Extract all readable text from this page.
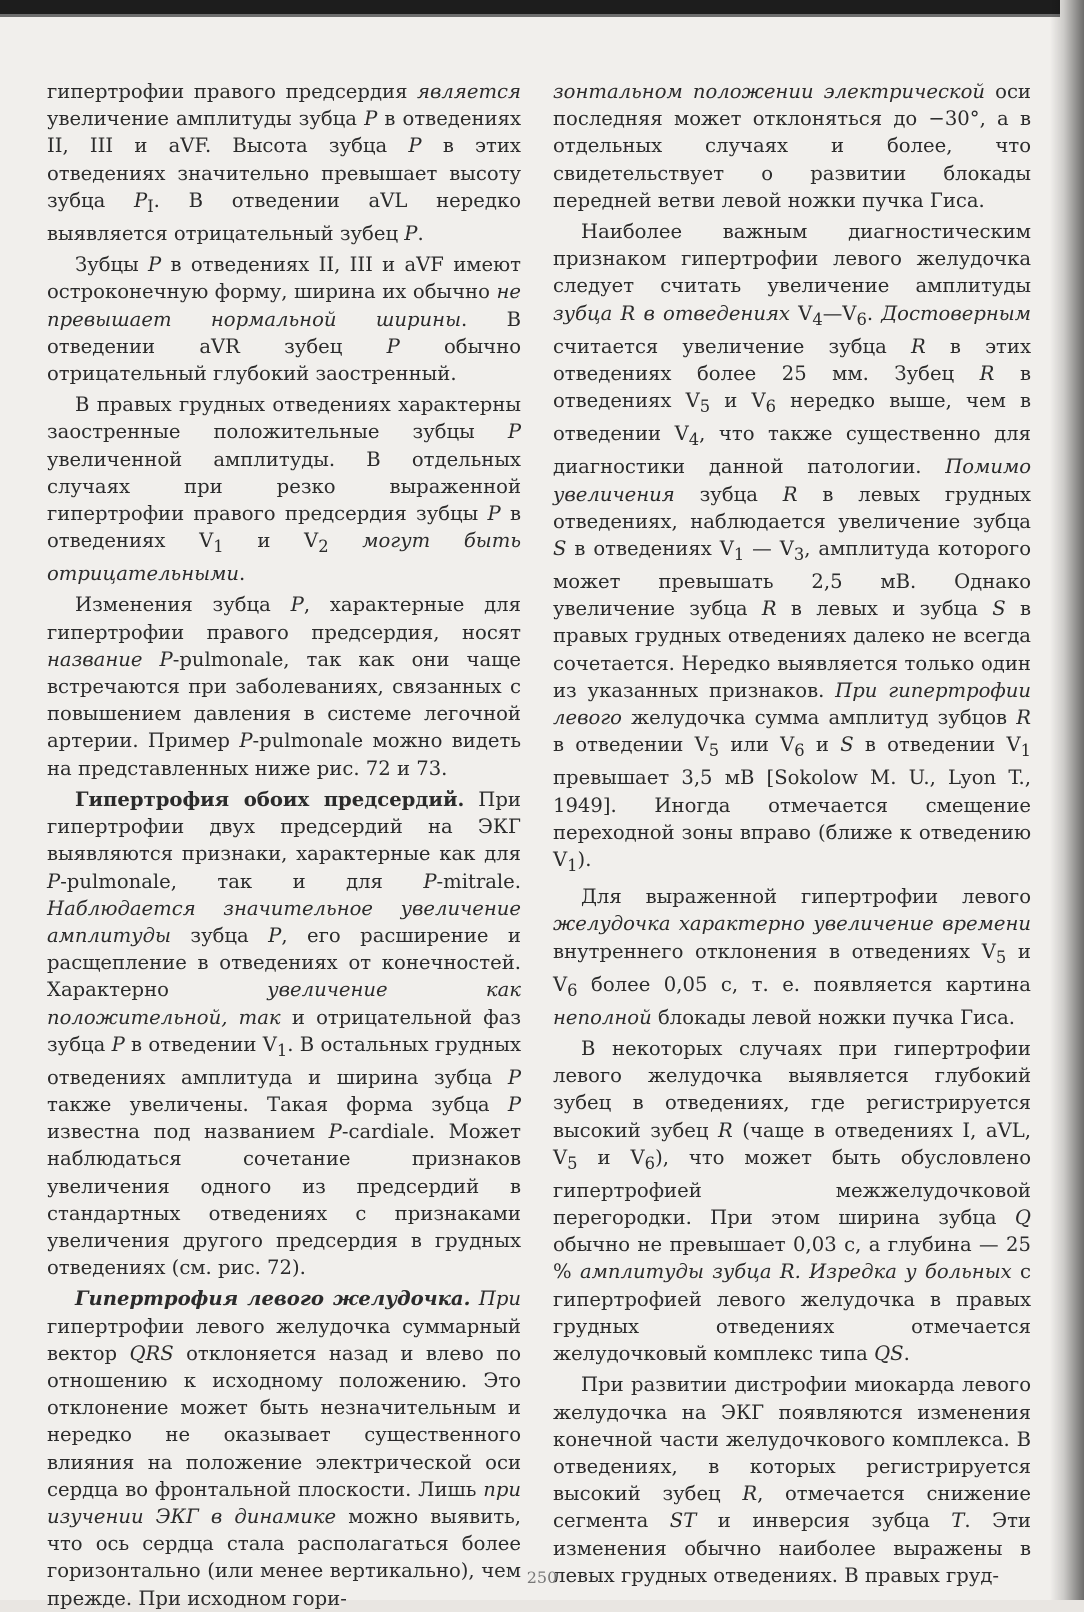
гипертрофии правого предсердия является увеличение амплитуды зубца P в отведениях II, III и aVF. Высота зубца P в этих отведениях значительно превышает высоту зубца $P_I$. В отведении aVL нередко выявляется отрицательный зубец P.

Зубцы P в отведениях II, III и aVF имеют остроконечную форму, ширина их обычно не превышает нормальной ширины. В отведении aVR зубец P обычно отрицательный глубокий заостренный.

В правых грудных отведениях характерны заостренные положительные зубцы P увеличенной амплитуды. В отдельных случаях при резко выраженной гипертрофии правого предсердия зубцы P в отведениях $V_1$ и $V_2$ могут быть отрицательными.

Изменения зубца P, характерные для гипертрофии правого предсердия, носят название P-pulmonale, так как они чаще встречаются при заболеваниях, связанных с повышением давления в системе легочной артерии. Пример P-pulmonale можно видеть на представленных ниже рис. 72 и 73.

Гипертрофия обоих предсердий. При гипертрофии двух предсердий на ЭКГ выявляются признаки, характерные как для P-pulmonale, так и для P-mitrale. Наблюдается значительное увеличение амплитуды зубца P, его расширение и расщепление в отведениях от конечностей. Характерно увеличение как положительной, так и отрицательной фаз зубца P в отведении $V_1$. В остальных грудных отведениях амплитуда и ширина зубца P также увеличены. Такая форма зубца P известна под названием P-cardiale. Может наблюдаться сочетание признаков увеличения одного из предсердий в стандартных отведениях с признаками увеличения другого предсердия в грудных отведениях (см. рис. 72).

Гипертрофия левого желудочка. При гипертрофии левого желудочка суммарный вектор QRS отклоняется назад и влево по отношению к исходному положению. Это отклонение может быть незначительным и нередко не оказывает существенного влияния на положение электрической оси сердца во фронтальной плоскости. Лишь при изучении ЭКГ в динамике можно выявить, что ось сердца стала располагаться более горизонтально (или менее вертикально), чем прежде. При исходном гори-

зонтальном положении электрической оси последняя может отклоняться до −30°, а в отдельных случаях и более, что свидетельствует о развитии блокады передней ветви левой ножки пучка Гиса.

Наиболее важным диагностическим признаком гипертрофии левого желудочка следует считать увеличение амплитуды зубца R в отведениях $V_4—V_6$. Достоверным считается увеличение зубца R в этих отведениях более 25 мм. Зубец R в отведениях $V_5$ и $V_6$ нередко выше, чем в отведении $V_4$, что также существенно для диагностики данной патологии. Помимо увеличения зубца R в левых грудных отведениях, наблюдается увеличение зубца S в отведениях $V_1$ — $V_3$, амплитуда которого может превышать 2,5 мВ. Однако увеличение зубца R в левых и зубца S в правых грудных отведениях далеко не всегда сочетается. Нередко выявляется только один из указанных признаков. При гипертрофии левого желудочка сумма амплитуд зубцов R в отведении $V_5$ или $V_6$ и S в отведении $V_1$ превышает 3,5 мВ [Sokolow M. U., Lyon T., 1949]. Иногда отмечается смещение переходной зоны вправо (ближе к отведению $V_1$).

Для выраженной гипертрофии левого желудочка характерно увеличение времени внутреннего отклонения в отведениях $V_5$ и $V_6$ более 0,05 с, т. е. появляется картина неполной блокады левой ножки пучка Гиса.

В некоторых случаях при гипертрофии левого желудочка выявляется глубокий зубец в отведениях, где регистрируется высокий зубец R (чаще в отведениях I, aVL, $V_5$ и $V_6$), что может быть обусловлено гипертрофией межжелудочковой перегородки. При этом ширина зубца Q обычно не превышает 0,03 с, а глубина — 25 % амплитуды зубца R. Изредка у больных с гипертрофией левого желудочка в правых грудных отведениях отмечается желудочковый комплекс типа QS.

При развитии дистрофии миокарда левого желудочка на ЭКГ появляются изменения конечной части желудочкового комплекса. В отведениях, в которых регистрируется высокий зубец R, отмечается снижение сегмента ST и инверсия зубца T. Эти изменения обычно наиболее выражены в левых грудных отведениях. В правых груд-

250
